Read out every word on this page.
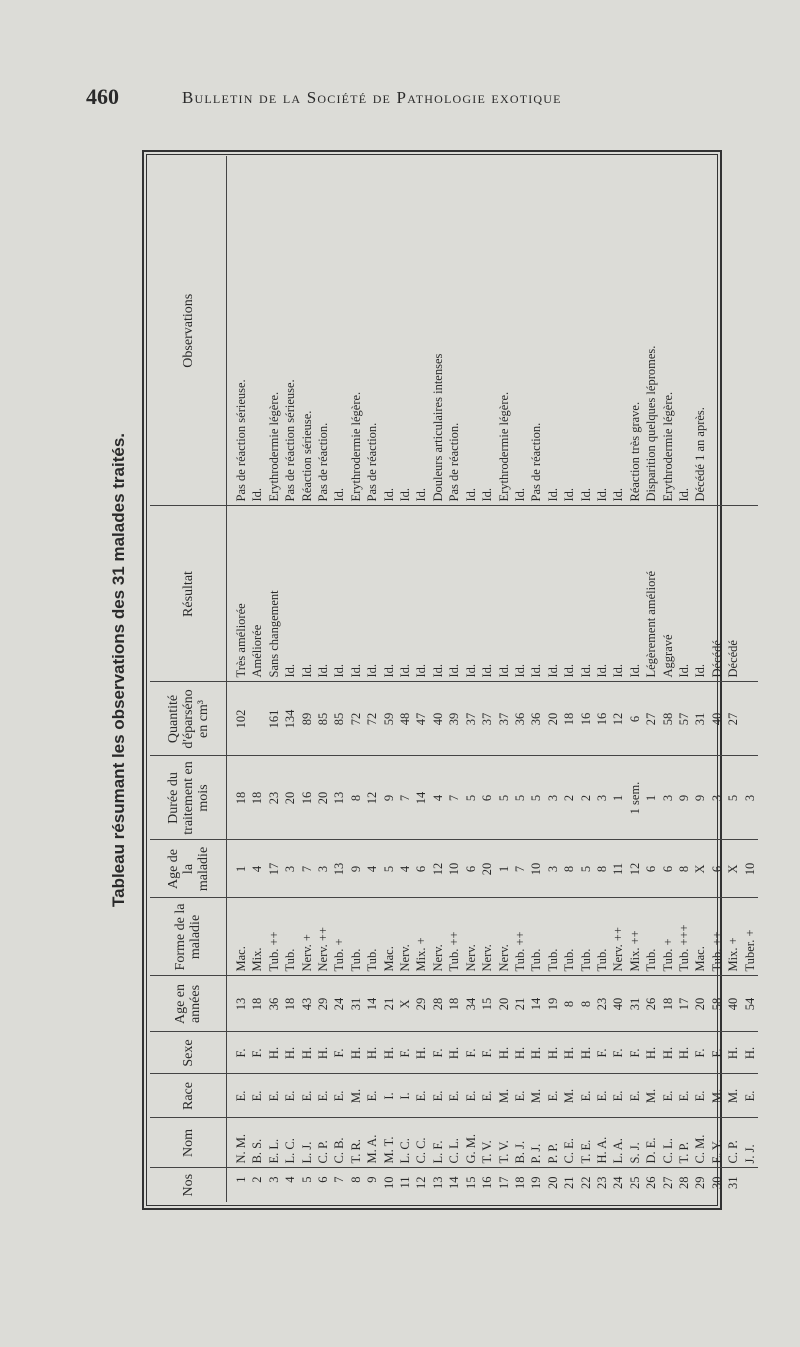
460	Bulletin de la Société de Pathologie exotique
Tableau résumant les observations des 31 malades traités.
Nos	Nom	Race	Sexe	Age en années	Forme de la maladie	Age de la maladie	Durée du traitement en mois	Quantité d'éparséno en cm³	Résultat	Observations
1	N. M.	E.	F.	13	Mac.	1	18	102	Très améliorée	Pas de réaction sérieuse.
2	B. S.	E.	F.	18	Mix.	4	18		Améliorée	Id.
3	E. L.	E.	H.	36	Tub. ++	17	23	161	Sans changement	Erythrodermie légère.
4	L. C.	E.	H.	18	Tub.	3	20	134	Id.	Pas de réaction sérieuse.
5	L. J.	E.	H.	43	Nerv. +	7	16	89	Id.	Réaction sérieuse.
6	C. P.	E.	H.	29	Nerv. ++	3	20	85	Id.	Pas de réaction.
7	C. B.	E.	F.	24	Tub. +	13	13	85	Id.	Id.
8	T. R.	M.	H.	31	Tub.	9	8	72	Id.	Erythrodermie légère.
9	M. A.	E.	H.	14	Tub.	4	12	72	Id.	Pas de réaction.
10	M. T.	I.	H.	21	Mac.	5	9	59	Id.	Id.
11	L. C.	I.	F.	X	Nerv.	4	7	48	Id.	Id.
12	C. C.	E.	H.	29	Mix. +	6	14	47	Id.	Id.
13	L. F.	E.	F.	28	Nerv.	12	4	40	Id.	Douleurs articulaires intenses
14	C. L.	E.	H.	18	Tub. ++	10	7	39	Id.	Pas de réaction.
15	G. M.	E.	F.	34	Nerv.	6	5	37	Id.	Id.
16	T. V.	E.	F.	15	Nerv.	20	6	37	Id.	Id.
17	T. V.	M.	H.	20	Nerv.	1	5	37	Id.	Erythrodermie légère.
18	B. J.	E.	H.	21	Tub. ++	7	5	36	Id.	Id.
19	P. J.	M.	H.	14	Tub.	10	5	36	Id.	Pas de réaction.
20	P. P.	E.	H.	19	Tub.	3	3	20	Id.	Id.
21	C. E.	M.	H.	8	Tub.	8	2	18	Id.	Id.
22	T. E.	E.	H.	8	Tub.	5	2	16	Id.	Id.
23	H. A.	E.	F.	23	Tub.	8	3	16	Id.	Id.
24	L. A.	E.	F.	40	Nerv. ++	11	1	12	Id.	Id.
25	S. J.	E.	F.	31	Mix. ++	12	1 sem.	6	Id.	Réaction très grave.
26	D. E.	M.	H.	26	Tub.	6	1	27	Légèrement amélioré	Disparition quelques lépromes.
27	C. L.	E.	H.	18	Tub. +	6	3	58	Aggravé	Erythrodermie légère.
28	T. P.	E.	H.	17	Tub. +++	8	9	57	Id.	Id.
29	C. M.	E.	F.	20	Mac.	X	9	31	Id.	Décédé 1 an après.
30	E. Y.	M.	F.	58	Tub. ++	6	3	40	Décédé	
31	C. P.	M.	H.	40	Mix. +	X	5	27	Décédé	
	J. J.	E.	H.	54	Tuber. +	10	3			
